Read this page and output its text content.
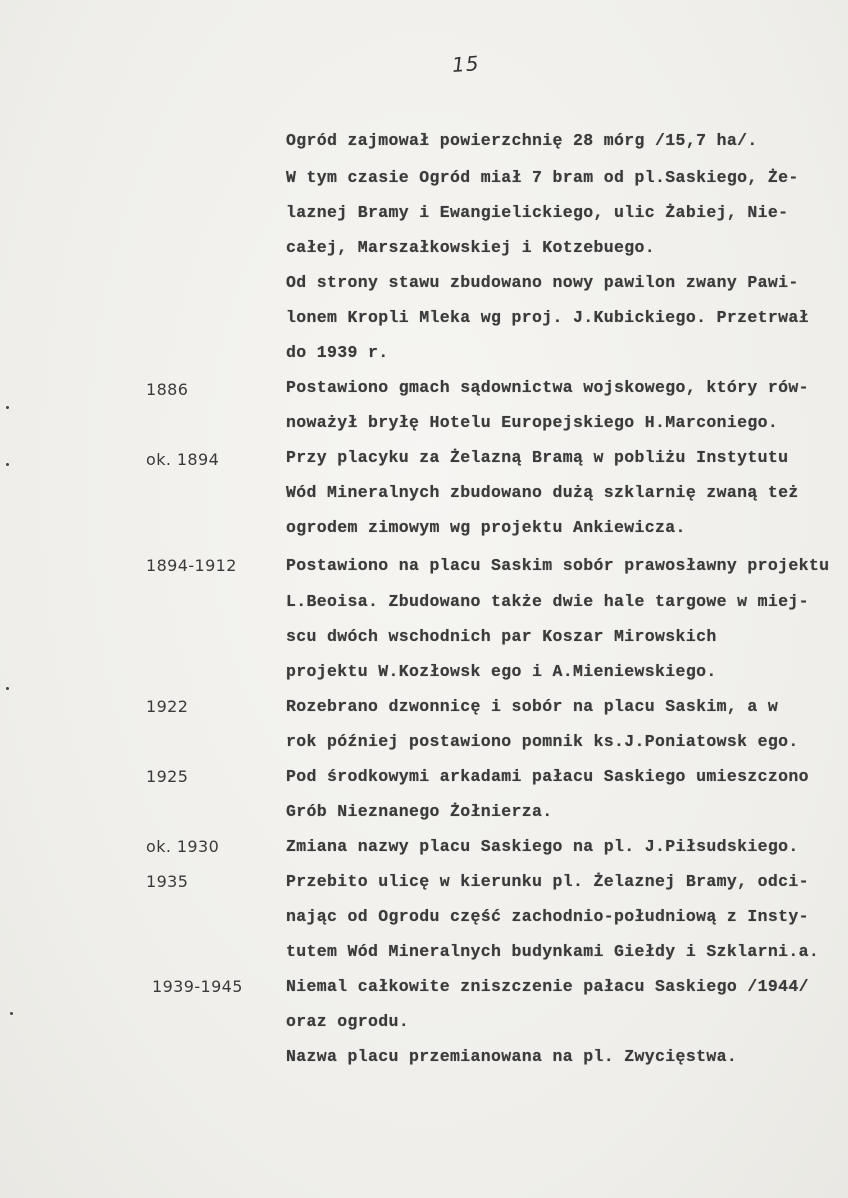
15
Ogród zajmował powierzchnię 28 mórg /15,7 ha/.
W tym czasie Ogród miał 7 bram od pl.Saskiego, Że-
laznej Bramy i Ewangielickiego, ulic Żabiej, Nie-
całej, Marszałkowskiej i Kotzebuego.
Od strony stawu zbudowano nowy pawilon zwany Pawi-
lonem Kropli Mleka wg proj. J.Kubickiego. Przetrwał
do 1939 r.
Postawiono gmach sądownictwa wojskowego, który rów-
noważył bryłę Hotelu Europejskiego H.Marconiego.
Przy placyku za Żelazną Bramą w pobliżu Instytutu
Wód Mineralnych zbudowano dużą szklarnię zwaną też
ogrodem zimowym wg projektu Ankiewicza.
Postawiono na placu Saskim sobór prawosławny projektu
L.Beoisa. Zbudowano także dwie hale targowe w miej-
scu dwóch wschodnich par Koszar Mirowskich
projektu W.Kozłowsk ego i A.Mieniewskiego.
Rozebrano dzwonnicę i sobór na placu Saskim, a w
rok później postawiono pomnik ks.J.Poniatowsk ego.
Pod środkowymi arkadami pałacu Saskiego umieszczono
Grób Nieznanego Żołnierza.
Zmiana nazwy placu Saskiego na pl. J.Piłsudskiego.
Przebito ulicę w kierunku pl. Żelaznej Bramy, odci-
nając od Ogrodu część zachodnio-południową z Insty-
tutem Wód Mineralnych budynkami Giełdy i Szklarni.a.
Niemal całkowite zniszczenie pałacu Saskiego /1944/
oraz ogrodu.
Nazwa placu przemianowana na pl. Zwycięstwa.
1886
ok. 1894
1894-1912
1922
1925
ok. 1930
1935
1939-1945
